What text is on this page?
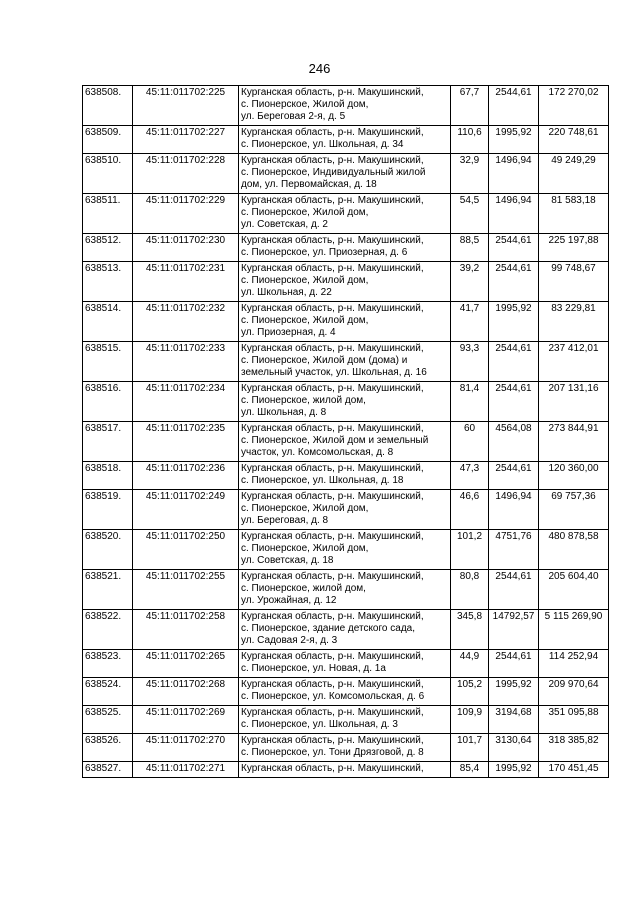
246
638508.	45:11:011702:225	Курганская область, р-н. Макушинский,
с. Пионерское, Жилой дом,
ул. Береговая 2-я, д. 5	67,7	2544,61	172 270,02
638509.	45:11:011702:227	Курганская область, р-н. Макушинский,
с. Пионерское, ул. Школьная, д. 34	110,6	1995,92	220 748,61
638510.	45:11:011702:228	Курганская область, р-н. Макушинский,
с. Пионерское, Индивидуальный жилой
дом, ул. Первомайская, д. 18	32,9	1496,94	49 249,29
638511.	45:11:011702:229	Курганская область, р-н. Макушинский,
с. Пионерское, Жилой дом,
ул. Советская, д. 2	54,5	1496,94	81 583,18
638512.	45:11:011702:230	Курганская область, р-н. Макушинский,
с. Пионерское, ул. Приозерная, д. 6	88,5	2544,61	225 197,88
638513.	45:11:011702:231	Курганская область, р-н. Макушинский,
с. Пионерское, Жилой дом,
ул. Школьная, д. 22	39,2	2544,61	99 748,67
638514.	45:11:011702:232	Курганская область, р-н. Макушинский,
с. Пионерское, Жилой дом,
ул. Приозерная, д. 4	41,7	1995,92	83 229,81
638515.	45:11:011702:233	Курганская область, р-н. Макушинский,
с. Пионерское, Жилой дом (дома) и
земельный участок, ул. Школьная, д. 16	93,3	2544,61	237 412,01
638516.	45:11:011702:234	Курганская область, р-н. Макушинский,
с. Пионерское, жилой дом,
ул. Школьная, д. 8	81,4	2544,61	207 131,16
638517.	45:11:011702:235	Курганская область, р-н. Макушинский,
с. Пионерское, Жилой дом и земельный
участок, ул. Комсомольская, д. 8	60	4564,08	273 844,91
638518.	45:11:011702:236	Курганская область, р-н. Макушинский,
с. Пионерское, ул. Школьная, д. 18	47,3	2544,61	120 360,00
638519.	45:11:011702:249	Курганская область, р-н. Макушинский,
с. Пионерское, Жилой дом,
ул. Береговая, д. 8	46,6	1496,94	69 757,36
638520.	45:11:011702:250	Курганская область, р-н. Макушинский,
с. Пионерское, Жилой дом,
ул. Советская, д. 18	101,2	4751,76	480 878,58
638521.	45:11:011702:255	Курганская область, р-н. Макушинский,
с. Пионерское, жилой дом,
ул. Урожайная, д. 12	80,8	2544,61	205 604,40
638522.	45:11:011702:258	Курганская область, р-н. Макушинский,
с. Пионерское, здание детского сада,
ул. Садовая 2-я, д. 3	345,8	14792,57	5 115 269,90
638523.	45:11:011702:265	Курганская область, р-н. Макушинский,
с. Пионерское, ул. Новая, д. 1а	44,9	2544,61	114 252,94
638524.	45:11:011702:268	Курганская область, р-н. Макушинский,
с. Пионерское, ул. Комсомольская, д. 6	105,2	1995,92	209 970,64
638525.	45:11:011702:269	Курганская область, р-н. Макушинский,
с. Пионерское, ул. Школьная, д. 3	109,9	3194,68	351 095,88
638526.	45:11:011702:270	Курганская область, р-н. Макушинский,
с. Пионерское, ул. Тони Дрязговой, д. 8	101,7	3130,64	318 385,82
638527.	45:11:011702:271	Курганская область, р-н. Макушинский,	85,4	1995,92	170 451,45
